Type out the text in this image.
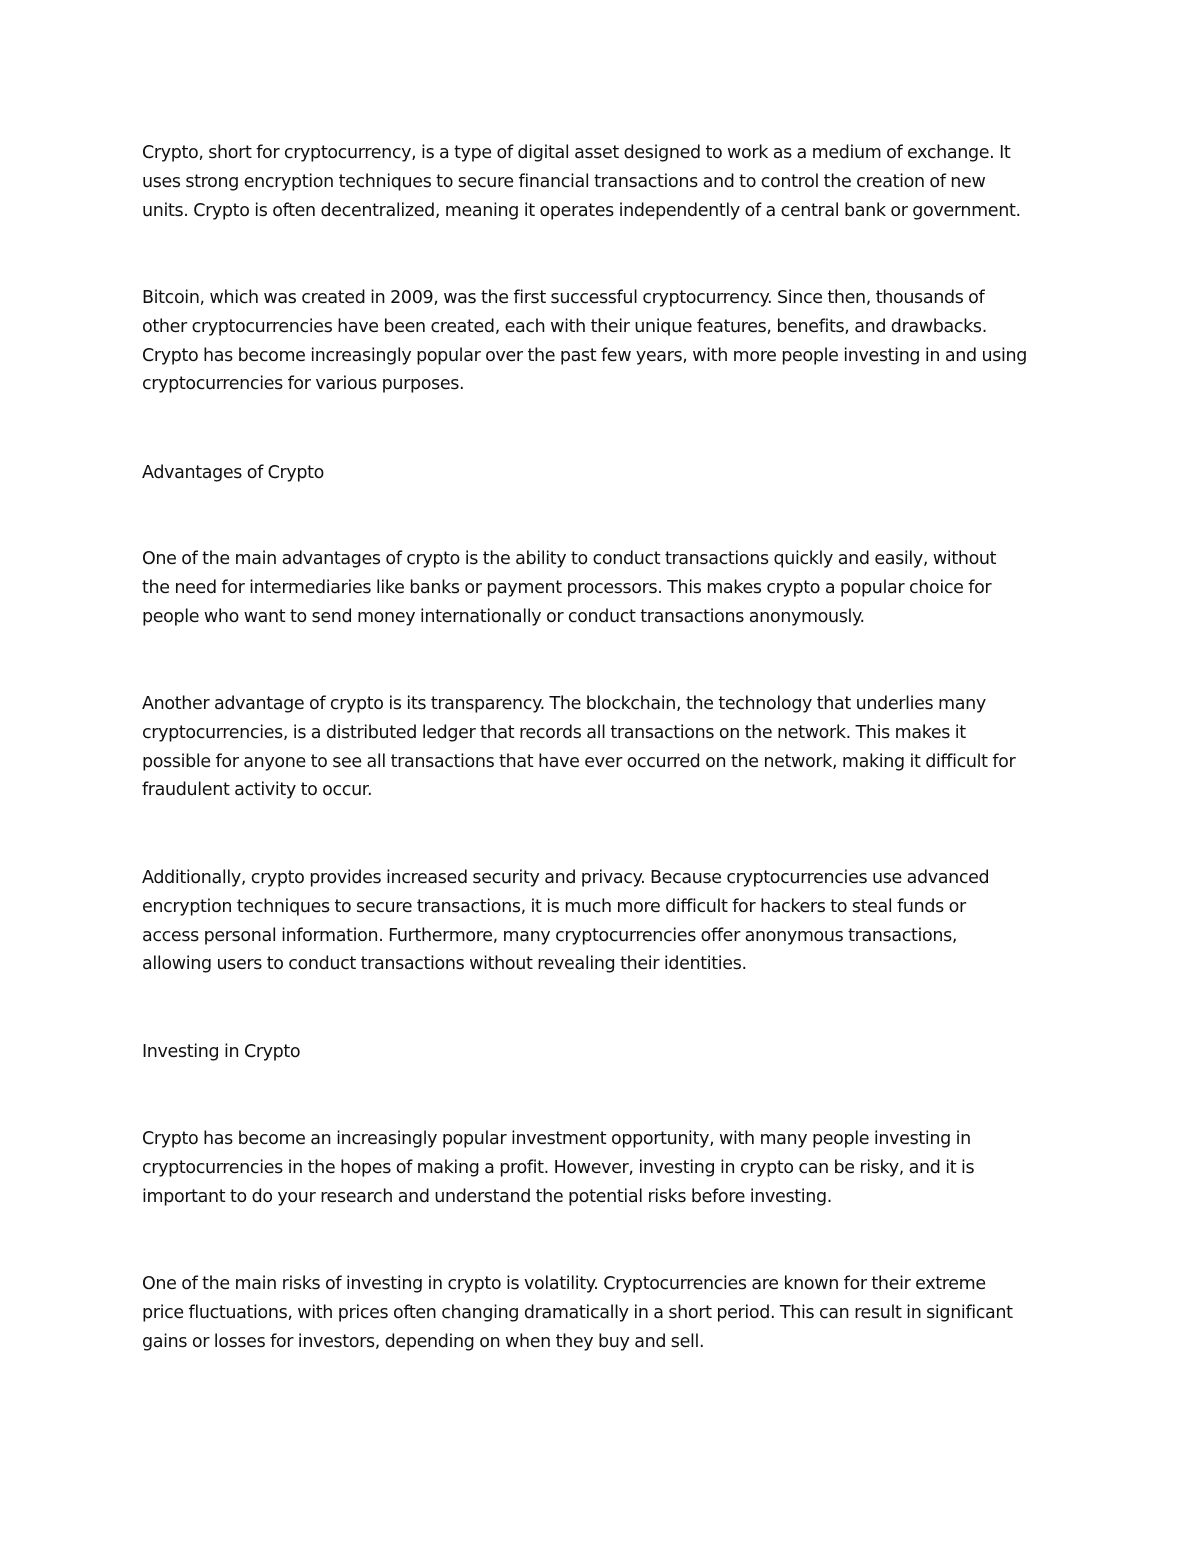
Crypto, short for cryptocurrency, is a type of digital asset designed to work as a medium of exchange. It
uses strong encryption techniques to secure financial transactions and to control the creation of new
units. Crypto is often decentralized, meaning it operates independently of a central bank or government.

Bitcoin, which was created in 2009, was the first successful cryptocurrency. Since then, thousands of
other cryptocurrencies have been created, each with their unique features, benefits, and drawbacks.
Crypto has become increasingly popular over the past few years, with more people investing in and using
cryptocurrencies for various purposes.

Advantages of Crypto

One of the main advantages of crypto is the ability to conduct transactions quickly and easily, without
the need for intermediaries like banks or payment processors. This makes crypto a popular choice for
people who want to send money internationally or conduct transactions anonymously.

Another advantage of crypto is its transparency. The blockchain, the technology that underlies many
cryptocurrencies, is a distributed ledger that records all transactions on the network. This makes it
possible for anyone to see all transactions that have ever occurred on the network, making it difficult for
fraudulent activity to occur.

Additionally, crypto provides increased security and privacy. Because cryptocurrencies use advanced
encryption techniques to secure transactions, it is much more difficult for hackers to steal funds or
access personal information. Furthermore, many cryptocurrencies offer anonymous transactions,
allowing users to conduct transactions without revealing their identities.

Investing in Crypto

Crypto has become an increasingly popular investment opportunity, with many people investing in
cryptocurrencies in the hopes of making a profit. However, investing in crypto can be risky, and it is
important to do your research and understand the potential risks before investing.

One of the main risks of investing in crypto is volatility. Cryptocurrencies are known for their extreme
price fluctuations, with prices often changing dramatically in a short period. This can result in significant
gains or losses for investors, depending on when they buy and sell.
